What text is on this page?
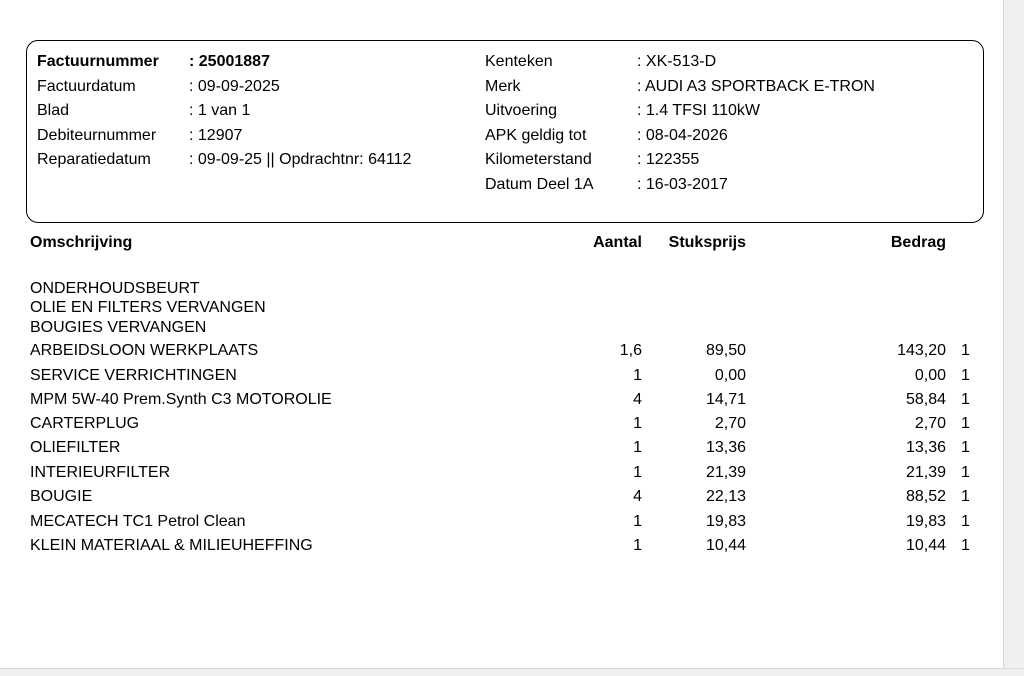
Factuurnummer : 25001887
Factuurdatum	: 09-09-2025
Blad	: 1 van 1
Debiteurnummer : 12907
Reparatiedatum : 09-09-25 || Opdrachtnr: 64112
Kenteken	: XK-513-D
Merk	: AUDI A3 SPORTBACK E-TRON
Uitvoering	: 1.4 TFSI 110kW
APK geldig tot	: 08-04-2026
Kilometerstand	: 122355
Datum Deel 1A	: 16-03-2017
Omschrijving	Aantal	Stuksprijs	Bedrag
ONDERHOUDSBEURT
OLIE EN FILTERS VERVANGEN
BOUGIES VERVANGEN
ARBEIDSLOON WERKPLAATS	1,6	89,50	143,20 1
SERVICE VERRICHTINGEN	1	0,00	0,00 1
MPM 5W-40 Prem.Synth C3 MOTOROLIE	4	14,71	58,84 1
CARTERPLUG	1	2,70	2,70 1
OLIEFILTER	1	13,36	13,36 1
INTERIEURFILTER	1	21,39	21,39 1
BOUGIE	4	22,13	88,52 1
MECATECH TC1 Petrol Clean	1	19,83	19,83 1
KLEIN MATERIAAL & MILIEUHEFFING	1	10,44	10,44 1
